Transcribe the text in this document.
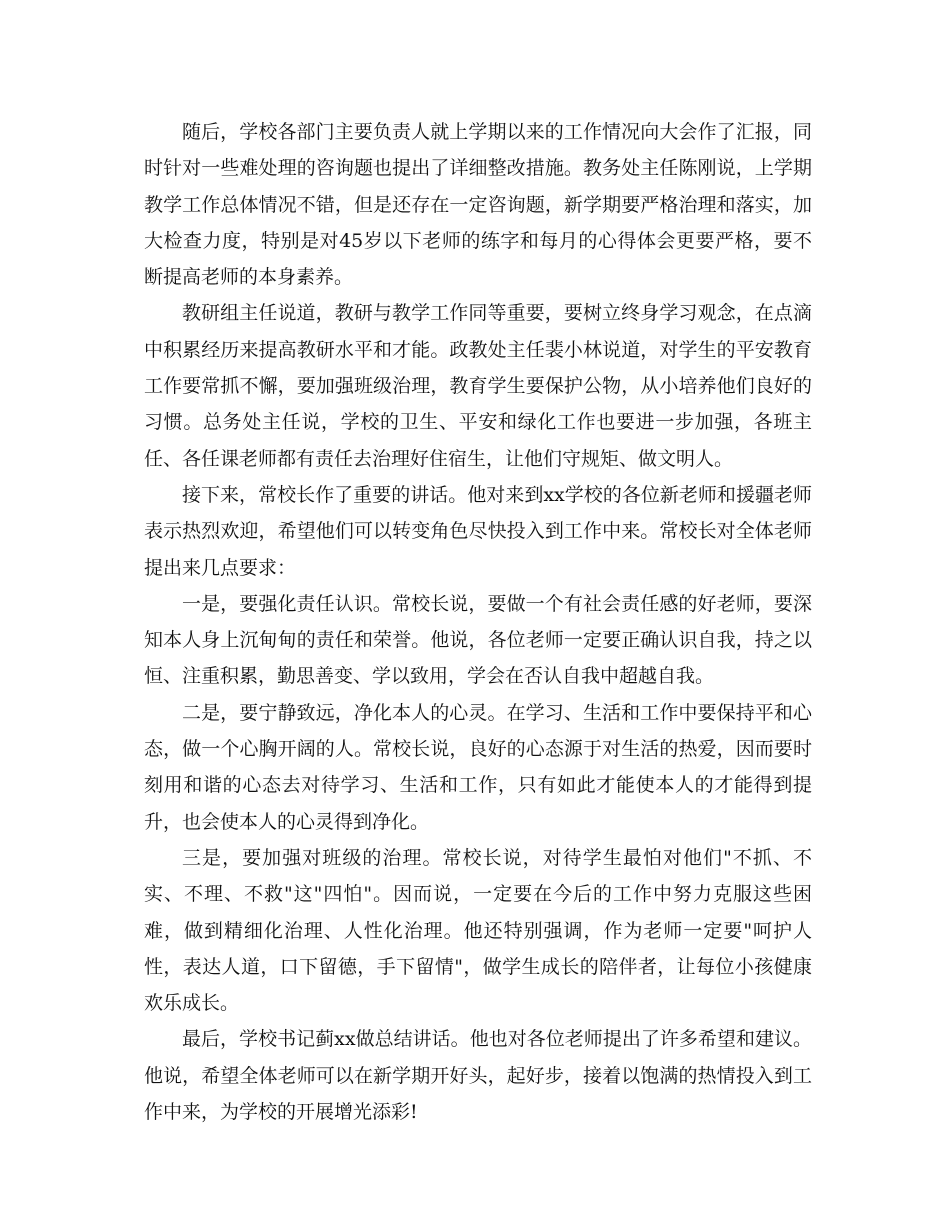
随后，学校各部门主要负责人就上学期以来的工作情况向大会作了汇报，同时针对一些难处理的咨询题也提出了详细整改措施。教务处主任陈刚说，上学期教学工作总体情况不错，但是还存在一定咨询题，新学期要严格治理和落实，加大检查力度，特别是对45岁以下老师的练字和每月的心得体会更要严格，要不断提高老师的本身素养。

教研组主任说道，教研与教学工作同等重要，要树立终身学习观念，在点滴中积累经历来提高教研水平和才能。政教处主任裴小林说道，对学生的平安教育工作要常抓不懈，要加强班级治理，教育学生要保护公物，从小培养他们良好的习惯。总务处主任说，学校的卫生、平安和绿化工作也要进一步加强，各班主任、各任课老师都有责任去治理好住宿生，让他们守规矩、做文明人。

接下来，常校长作了重要的讲话。他对来到xx学校的各位新老师和援疆老师表示热烈欢迎，希望他们可以转变角色尽快投入到工作中来。常校长对全体老师提出来几点要求：

一是，要强化责任认识。常校长说，要做一个有社会责任感的好老师，要深知本人身上沉甸甸的责任和荣誉。他说，各位老师一定要正确认识自我，持之以恒、注重积累，勤思善变、学以致用，学会在否认自我中超越自我。

二是，要宁静致远，净化本人的心灵。在学习、生活和工作中要保持平和心态，做一个心胸开阔的人。常校长说，良好的心态源于对生活的热爱，因而要时刻用和谐的心态去对待学习、生活和工作，只有如此才能使本人的才能得到提升，也会使本人的心灵得到净化。

三是，要加强对班级的治理。常校长说，对待学生最怕对他们"不抓、不实、不理、不救"这"四怕"。因而说，一定要在今后的工作中努力克服这些困难，做到精细化治理、人性化治理。他还特别强调，作为老师一定要"呵护人性，表达人道，口下留德，手下留情"，做学生成长的陪伴者，让每位小孩健康欢乐成长。

最后，学校书记蓟xx做总结讲话。他也对各位老师提出了许多希望和建议。他说，希望全体老师可以在新学期开好头，起好步，接着以饱满的热情投入到工作中来，为学校的开展增光添彩!
